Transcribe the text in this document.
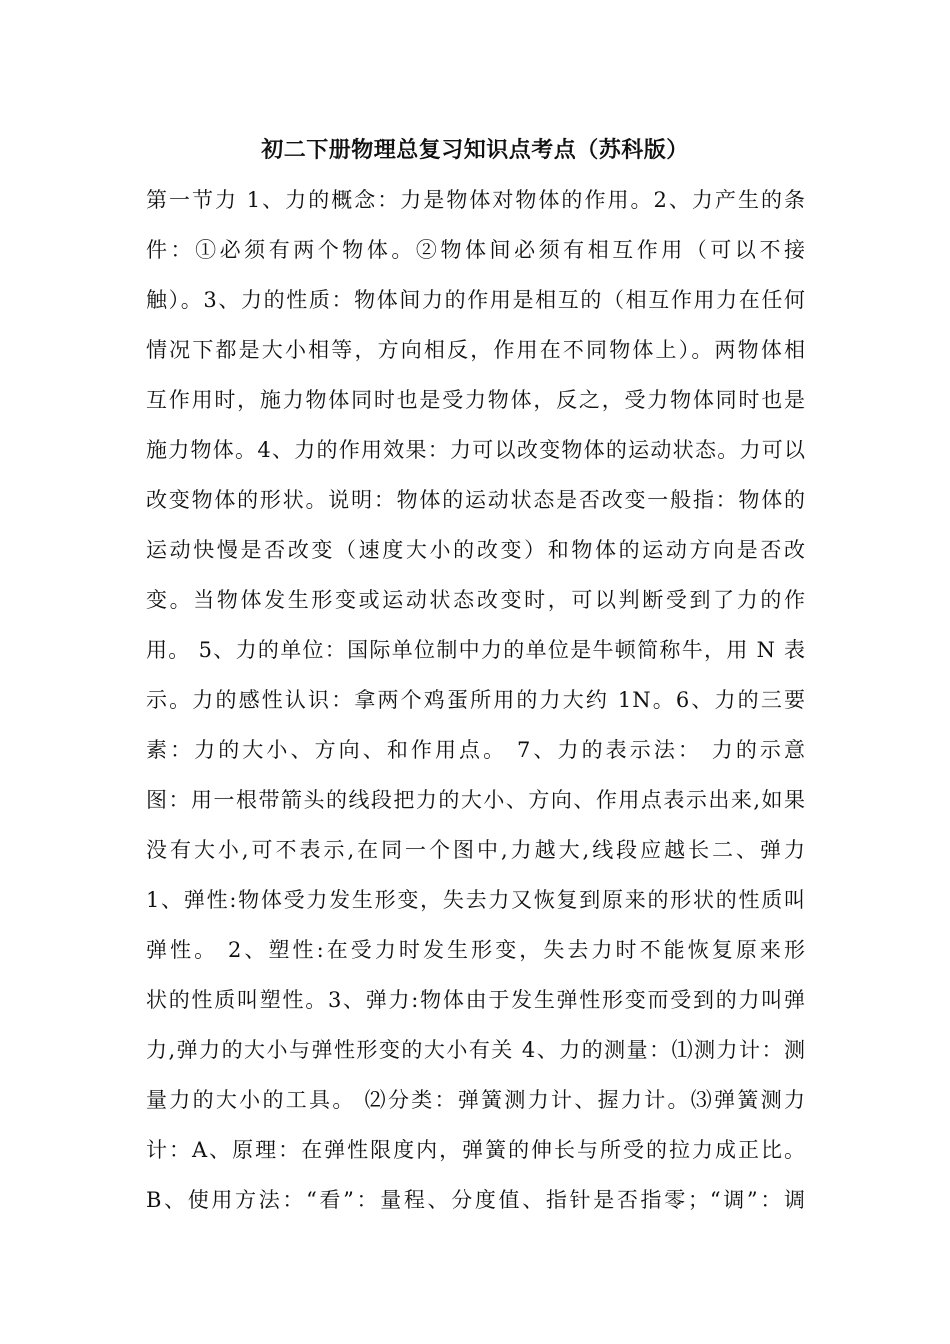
初二下册物理总复习知识点考点（苏科版）
第一节力 1、力的概念：力是物体对物体的作用。2、力产生的条
件：①必须有两个物体。②物体间必须有相互作用（可以不接
触）。3、力的性质：物体间力的作用是相互的（相互作用力在任何
情况下都是大小相等，方向相反，作用在不同物体上）。两物体相
互作用时，施力物体同时也是受力物体，反之，受力物体同时也是
施力物体。4、力的作用效果：力可以改变物体的运动状态。力可以
改变物体的形状。说明：物体的运动状态是否改变一般指：物体的
运动快慢是否改变（速度大小的改变）和物体的运动方向是否改
变。当物体发生形变或运动状态改变时，可以判断受到了力的作
用。 5、力的单位：国际单位制中力的单位是牛顿简称牛，用 N 表
示。力的感性认识：拿两个鸡蛋所用的力大约 1N。6、力的三要
素：力的大小、方向、和作用点。 7、力的表示法： 力的示意
图：用一根带箭头的线段把力的大小、方向、作用点表示出来,如果
没有大小,可不表示,在同一个图中,力越大,线段应越长二、弹力
1、弹性:物体受力发生形变，失去力又恢复到原来的形状的性质叫
弹性。 2、塑性:在受力时发生形变，失去力时不能恢复原来形
状的性质叫塑性。3、弹力:物体由于发生弹性形变而受到的力叫弹
力,弹力的大小与弹性形变的大小有关 4、力的测量：⑴测力计：测
量力的大小的工具。 ⑵分类：弹簧测力计、握力计。⑶弹簧测力
计：A、原理：在弹性限度内，弹簧的伸长与所受的拉力成正比。
B、使用方法：“看”：量程、分度值、指针是否指零；“调”：调
